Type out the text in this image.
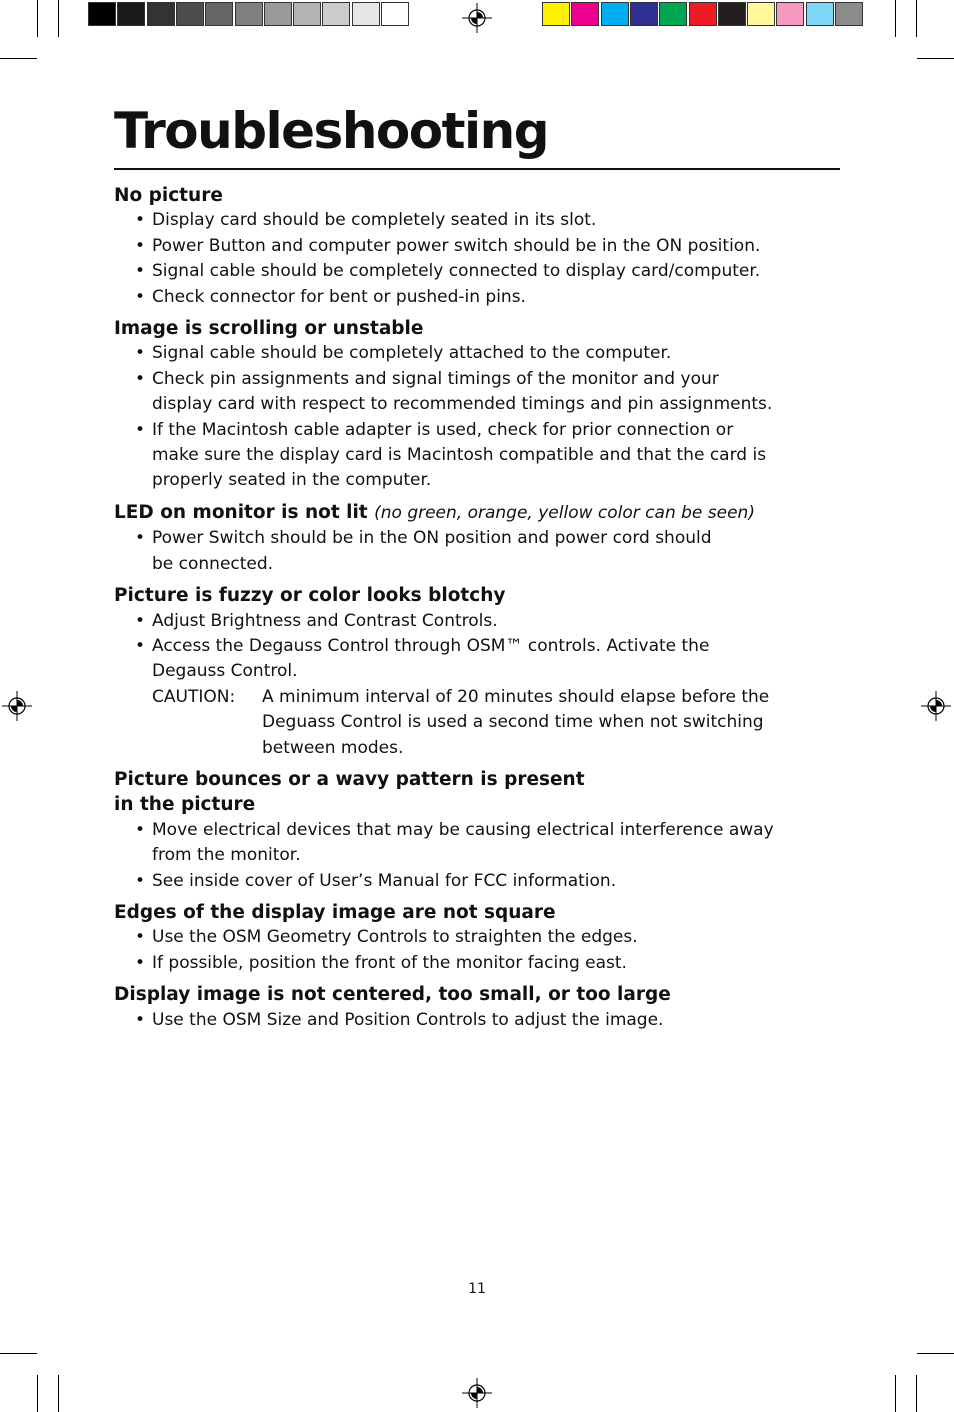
Troubleshooting
No picture
• Display card should be completely seated in its slot.
• Power Button and computer power switch should be in the ON position.
• Signal cable should be completely connected to display card/computer.
• Check connector for bent or pushed-in pins.
Image is scrolling or unstable
• Signal cable should be completely attached to the computer.
• Check pin assignments and signal timings of the monitor and your
display card with respect to recommended timings and pin assignments.
• If the Macintosh cable adapter is used, check for prior connection or
make sure the display card is Macintosh compatible and that the card is
properly seated in the computer.
LED on monitor is not lit (no green, orange, yellow color can be seen)
• Power Switch should be in the ON position and power cord should
be connected.
Picture is fuzzy or color looks blotchy
• Adjust Brightness and Contrast Controls.
• Access the Degauss Control through OSM™ controls. Activate the
Degauss Control.
CAUTION: A minimum interval of 20 minutes should elapse before the
Deguass Control is used a second time when not switching
between modes.
Picture bounces or a wavy pattern is present
in the picture
• Move electrical devices that may be causing electrical interference away
from the monitor.
• See inside cover of User’s Manual for FCC information.
Edges of the display image are not square
• Use the OSM Geometry Controls to straighten the edges.
• If possible, position the front of the monitor facing east.
Display image is not centered, too small, or too large
• Use the OSM Size and Position Controls to adjust the image.
11
